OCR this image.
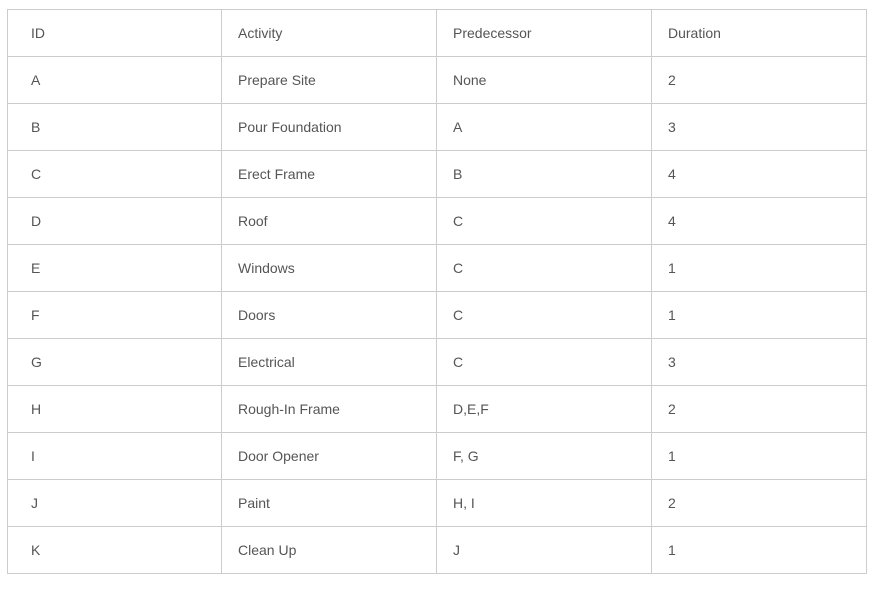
ID	Activity	Predecessor	Duration
A	Prepare Site	None	2
B	Pour Foundation	A	3
C	Erect Frame	B	4
D	Roof	C	4
E	Windows	C	1
F	Doors	C	1
G	Electrical	C	3
H	Rough-In Frame	D,E,F	2
I	Door Opener	F, G	1
J	Paint	H, I	2
K	Clean Up	J	1
